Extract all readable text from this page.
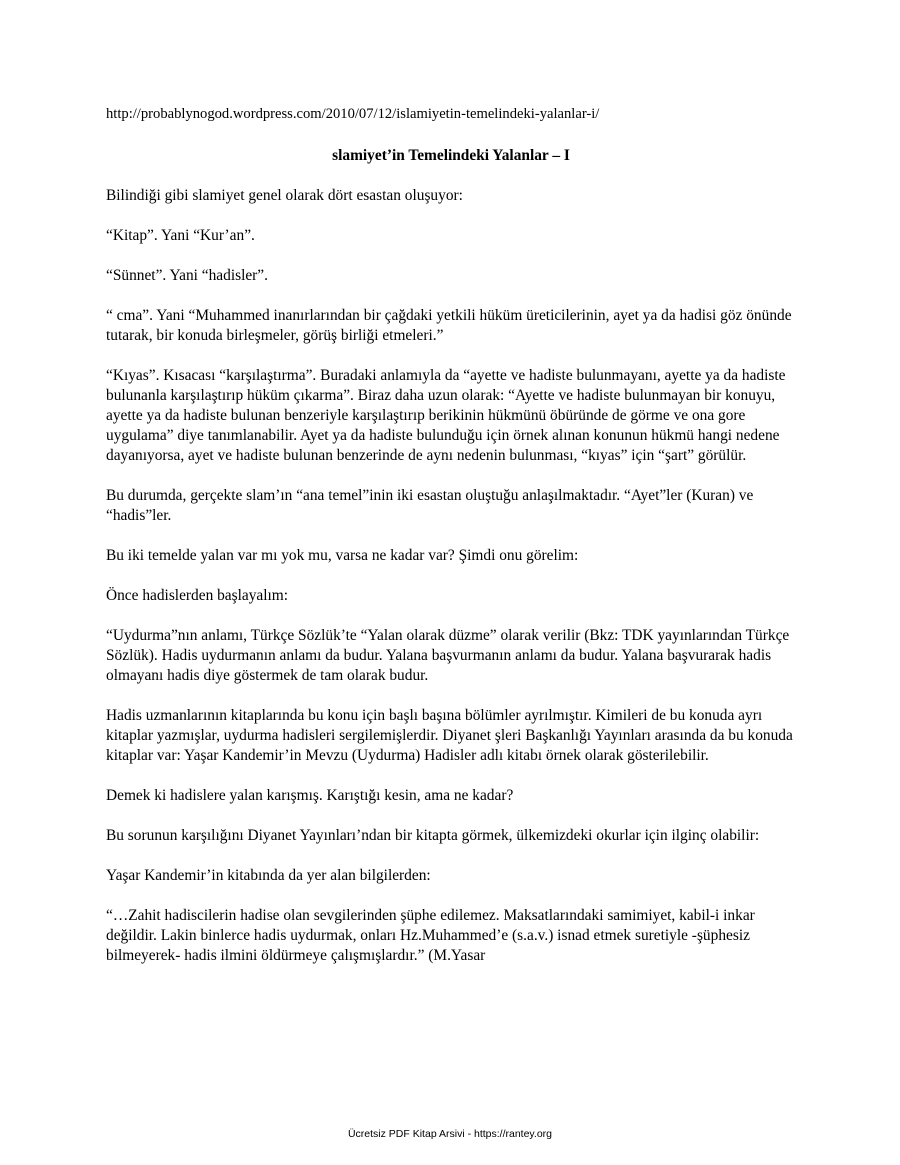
http://probablynogod.wordpress.com/2010/07/12/islamiyetin-temelindeki-yalanlar-i/

slamiyet’in Temelindeki Yalanlar – I

Bilindiği gibi slamiyet genel olarak dört esastan oluşuyor:

“Kitap”. Yani “Kur’an”.

“Sünnet”. Yani “hadisler”.

“ cma”. Yani “Muhammed inanırlarından bir çağdaki yetkili hüküm üreticilerinin, ayet ya da hadisi göz önünde tutarak, bir konuda birleşmeler, görüş birliği etmeleri.”

“Kıyas”. Kısacası “karşılaştırma”. Buradaki anlamıyla da “ayette ve hadiste bulunmayanı, ayette ya da hadiste bulunanla karşılaştırıp hüküm çıkarma”. Biraz daha uzun olarak: “Ayette ve hadiste bulunmayan bir konuyu, ayette ya da hadiste bulunan benzeriyle karşılaştırıp berikinin hükmünü öbüründe de görme ve ona gore uygulama” diye tanımlanabilir. Ayet ya da hadiste bulunduğu için örnek alınan konunun hükmü hangi nedene dayanıyorsa, ayet ve hadiste bulunan benzerinde de aynı nedenin bulunması, “kıyas” için “şart” görülür.

Bu durumda, gerçekte slam’ın “ana temel”inin iki esastan oluştuğu anlaşılmaktadır. “Ayet”ler (Kuran) ve “hadis”ler.

Bu iki temelde yalan var mı yok mu, varsa ne kadar var? Şimdi onu görelim:

Önce hadislerden başlayalım:

“Uydurma”nın anlamı, Türkçe Sözlük’te “Yalan olarak düzme” olarak verilir (Bkz: TDK yayınlarından Türkçe Sözlük). Hadis uydurmanın anlamı da budur. Yalana başvurmanın anlamı da budur. Yalana başvurarak hadis olmayanı hadis diye göstermek de tam olarak budur.

Hadis uzmanlarının kitaplarında bu konu için başlı başına bölümler ayrılmıştır. Kimileri de bu konuda ayrı kitaplar yazmışlar, uydurma hadisleri sergilemişlerdir. Diyanet şleri Başkanlığı Yayınları arasında da bu konuda kitaplar var: Yaşar Kandemir’in Mevzu (Uydurma) Hadisler adlı kitabı örnek olarak gösterilebilir.

Demek ki hadislere yalan karışmış. Karıştığı kesin, ama ne kadar?

Bu sorunun karşılığını Diyanet Yayınları’ndan bir kitapta görmek, ülkemizdeki okurlar için ilginç olabilir:

Yaşar Kandemir’in kitabında da yer alan bilgilerden:

“…Zahit hadiscilerin hadise olan sevgilerinden şüphe edilemez. Maksatlarındaki samimiyet, kabil-i inkar değildir. Lakin binlerce hadis uydurmak, onları Hz.Muhammed’e (s.a.v.) isnad etmek suretiyle -şüphesiz bilmeyerek- hadis ilmini öldürmeye çalışmışlardır.” (M.Yasar

Ücretsiz PDF Kitap Arsivi - https://rantey.org
